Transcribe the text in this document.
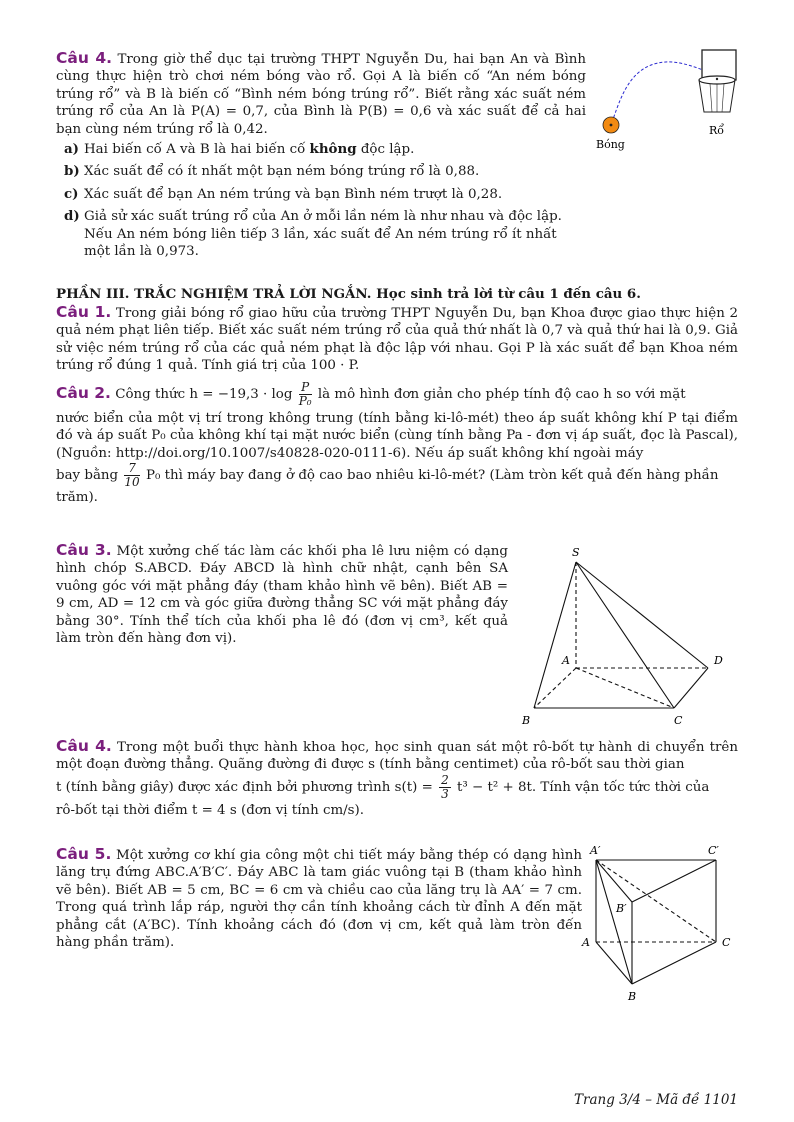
Câu 4. Trong giờ thể dục tại trường THPT Nguyễn Du, hai bạn An và Bình cùng thực hiện trò chơi ném bóng vào rổ. Gọi A là biến cố “An ném bóng trúng rổ” và B là biến cố “Bình ném bóng trúng rổ”. Biết rằng xác suất ném trúng rổ của An là P(A) = 0,7, của Bình là P(B) = 0,6 và xác suất để cả hai bạn cùng ném trúng rổ là 0,42.

a) Hai biến cố A và B là hai biến cố không độc lập.
b) Xác suất để có ít nhất một bạn ném bóng trúng rổ là 0,88.
c) Xác suất để bạn An ném trúng và bạn Bình ném trượt là 0,28.
d) Giả sử xác suất trúng rổ của An ở mỗi lần ném là như nhau và độc lập. Nếu An ném bóng liên tiếp 3 lần, xác suất để An ném trúng rổ ít nhất một lần là 0,973.
Bóng
Rổ
PHẦN III. TRẮC NGHIỆM TRẢ LỜI NGẮN. Học sinh trả lời từ câu 1 đến câu 6.

Câu 1. Trong giải bóng rổ giao hữu của trường THPT Nguyễn Du, bạn Khoa được giao thực hiện 2 quả ném phạt liên tiếp. Biết xác suất ném trúng rổ của quả thứ nhất là 0,7 và quả thứ hai là 0,9. Giả sử việc ném trúng rổ của các quả ném phạt là độc lập với nhau. Gọi P là xác suất để bạn Khoa ném trúng rổ đúng 1 quả. Tính giá trị của 100 · P.

Câu 2. Công thức $h = -19,3 \cdot \log \frac{P}{\text{P₀}}$ là mô hình đơn giản cho phép tính độ cao h so với mặt

nước biển của một vị trí trong không trung (tính bằng ki-lô-mét) theo áp suất không khí P tại điểm đó và áp suất P₀ của không khí tại mặt nước biển (cùng tính bằng Pa - đơn vị áp suất, đọc là Pascal), (Nguồn: http://doi.org/10.1007/s40828-020-0111-6). Nếu áp suất không khí ngoài máy

bay bằng $\frac{7}{10} P_0$ thì máy bay đang ở độ cao bao nhiêu ki-lô-mét? (Làm tròn kết quả đến hàng phần

trăm).

Câu 3. Một xưởng chế tác làm các khối pha lê lưu niệm có dạng hình chóp S.ABCD. Đáy ABCD là hình chữ nhật, cạnh bên SA vuông góc với mặt phẳng đáy (tham khảo hình vẽ bên). Biết AB = 9 cm, AD = 12 cm và góc giữa đường thẳng SC với mặt phẳng đáy bằng 30°. Tính thể tích của khối pha lê đó (đơn vị cm³, kết quả làm tròn đến hàng đơn vị).

S
A
B	C
D

Câu 4. Trong một buổi thực hành khoa học, học sinh quan sát một rô-bốt tự hành di chuyển trên một đoạn đường thẳng. Quãng đường đi được s (tính bằng centimet) của rô-bốt sau thời gian

t (tính bằng giây) được xác định bởi phương trình $s(t) = \frac{2}{3} t^3 - t^2 + 8t$. Tính vận tốc tức thời của

rô-bốt tại thời điểm t = 4 s (đơn vị tính cm/s).

Câu 5. Một xưởng cơ khí gia công một chi tiết máy bằng thép có dạng hình lăng trụ đứng ABC.A′B′C′. Đáy ABC là tam giác vuông tại B (tham khảo hình vẽ bên). Biết AB = 5 cm, BC = 6 cm và chiều cao của lăng trụ là AA′ = 7 cm. Trong quá trình lắp ráp, người thợ cần tính khoảng cách từ đỉnh A đến mặt phẳng cắt (A′BC). Tính khoảng cách đó (đơn vị cm, kết quả làm tròn đến hàng phần trăm).

A′	C′
B′
A	C
B
Trang 3/4 – Mã đề 1101
